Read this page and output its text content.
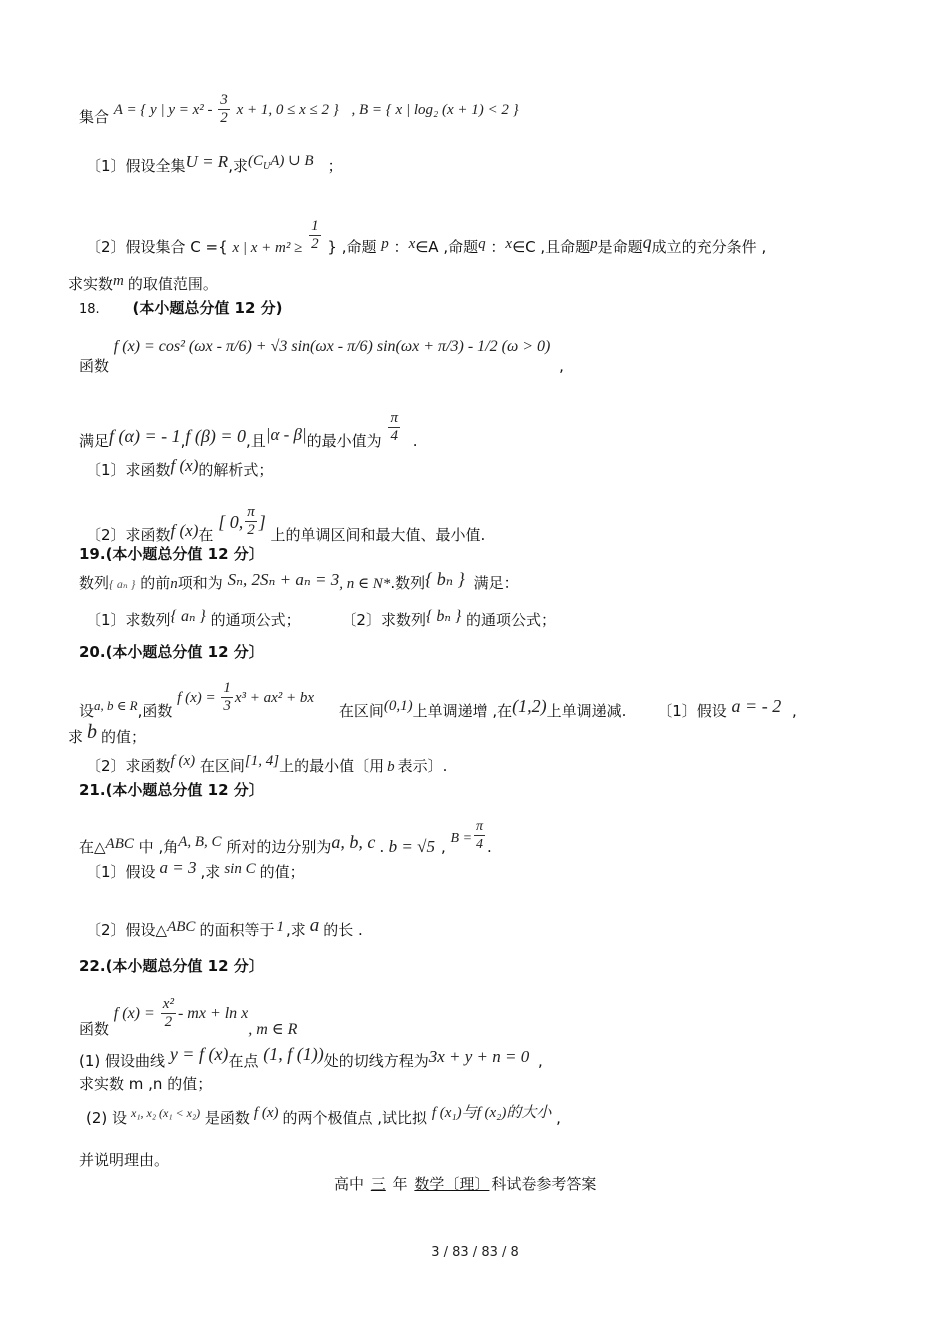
集合 A = { y | $y = x^2 - \frac{3}{2}$ x + 1, 0 ≤ x ≤ 2 } , B = { x | log₂ (x + 1) < 2 }
〔1〕假设全集U = R,求$(C_UA)$ ∪ B ；
〔2〕假设集合 C ={ x | $x + m^2 \ge \frac{1}{2}$ } ,命题 p ：x∈A ,命题q ：x∈C ,且命题p是命题q成立的充分条件 ,
求实数m 的取值范围。
18. (本小题总分值 12 分)
函数 f (x) = cos² (ωx - π/6) + √3 sin(ωx - π/6) sin(ωx + π/3) - 1/2 (ω > 0) ,
满足f (α) = - 1,f (β) = 0,且|α - β|的最小值为 $\frac{\pi}{4}$ .
〔1〕求函数f (x)的解析式；
〔2〕求函数f (x)在 [ 0, $\frac{\pi}{2}$ ] 上的单调区间和最大值、最小值.
19.(本小题总分值 12 分〕
数列{ aₙ } 的前n项和为 Sₙ, 2Sₙ + aₙ = 3, n ∈ N*.数列{ bₙ } 满足：
〔1〕求数列{ aₙ } 的通项公式；	〔2〕求数列{ bₙ } 的通项公式；
20.(本小题总分值 12 分〕
设a, b ∈ R,函数 f $(x) = \frac{1}{3} x^3 + ax^2$ + bx 在区间(0,1)上单调递增 ,在(1,2)上单调递减. 〔1〕假设 a = - 2 ,
求 b 的值；
〔2〕求函数f (x) 在区间[1, 4]上的最小值〔用 b 表示〕.
21.(本小题总分值 12 分〕
在△ABC 中 ,角A, B, C 所对的边分别为a, b, c . b = √5 , $B = \frac{\pi}{4}$ .
〔1〕假设 a = 3 ,求 sin C 的值；
〔2〕假设△ABC 的面积等于 1 ,求 a 的长 .
22.(本小题总分值 12 分〕
函数 f $(x) = \frac{\text{x²}}{2}$ - mx + ln x, m ∈ R
(1) 假设曲线 y = f (x)在点 (1, f (1))处的切线方程为3x + y + n = 0 ,
求实数 m ,n 的值；
(2) 设 $^{x_1, x_2 (x_1 < x_2)}$ 是函数 f (x) 的两个极值点 ,试比拟 f (x₁)与f (x₂)的大小 ,
并说明理由。
高中 三 年 数学〔理〕 科试卷参考答案
3 / 83 / 83 / 8
